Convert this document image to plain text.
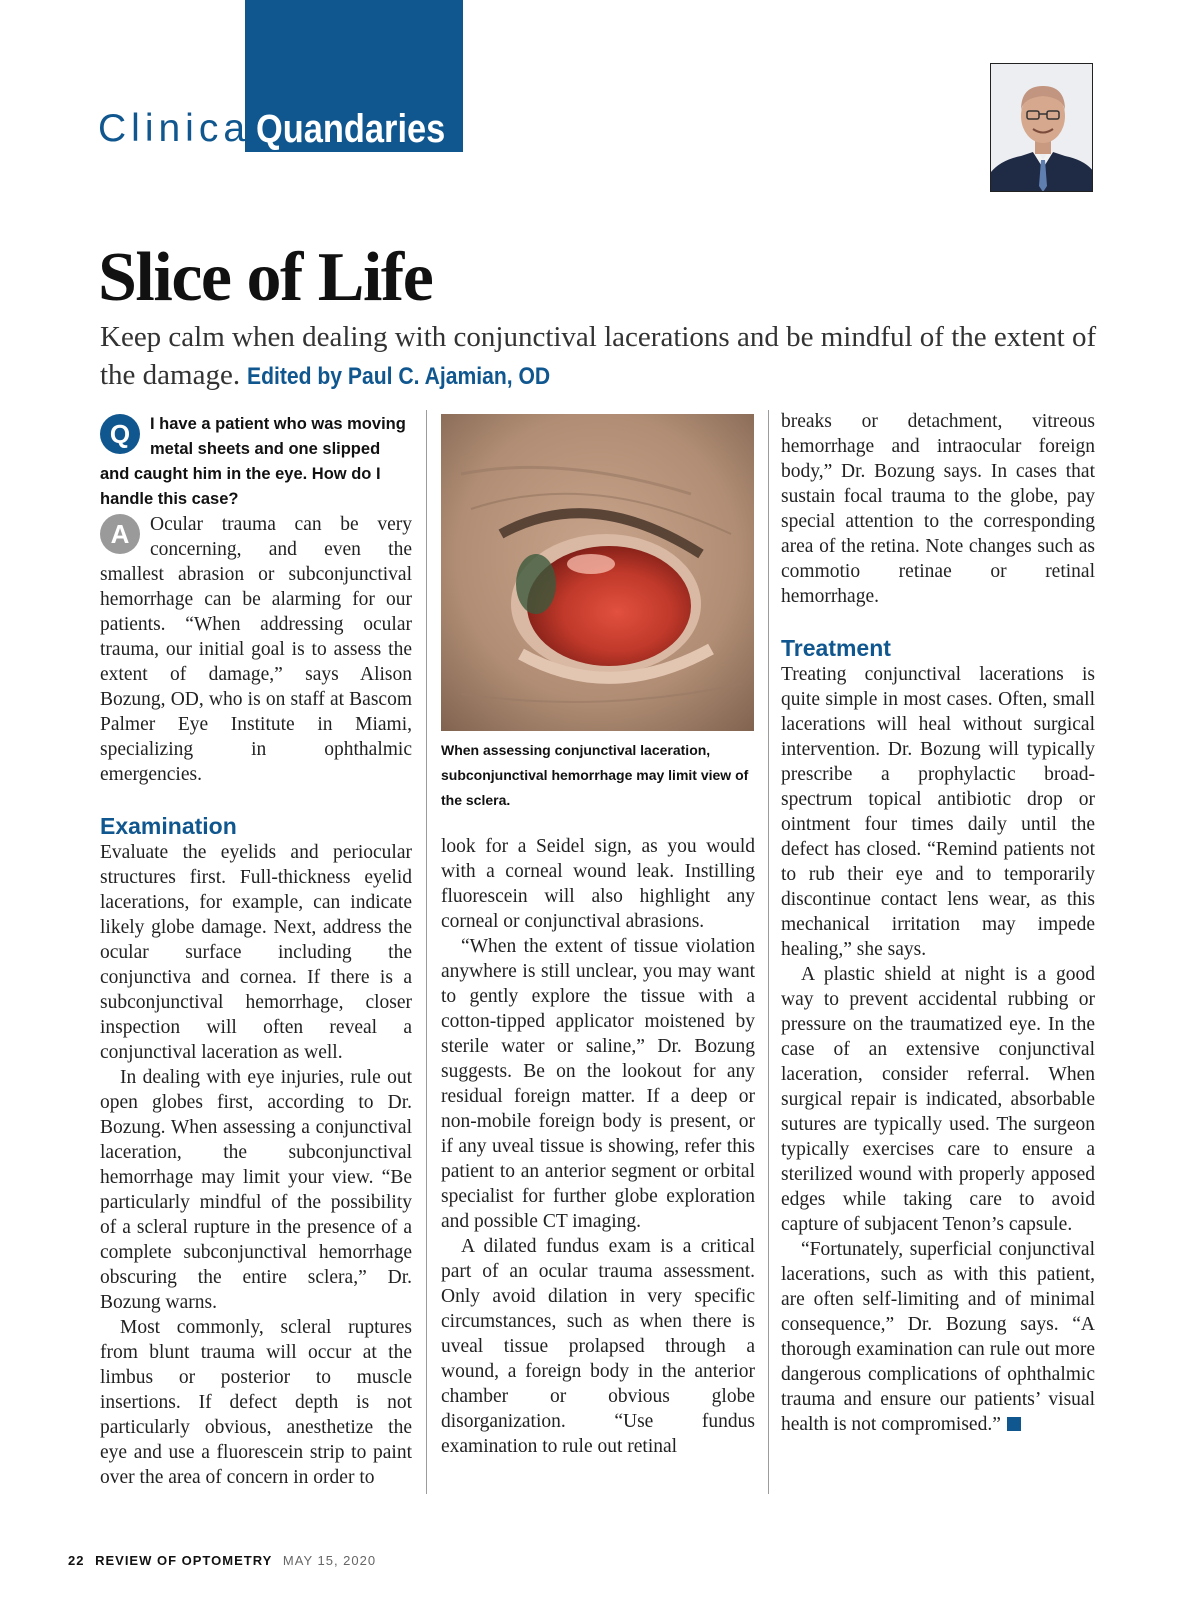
Clinical
Quandaries
Slice of Life
Keep calm when dealing with conjunctival lacerations and be mindful of the extent of the damage. Edited by Paul C. Ajamian, OD
Q	I have a patient who was moving metal sheets and one slipped and caught him in the eye. How do I handle this case?

A	Ocular trauma can be very concerning, and even the smallest abrasion or subconjunctival hemorrhage can be alarming for our patients. “When addressing ocular trauma, our initial goal is to assess the extent of damage,” says Alison Bozung, OD, who is on staff at Bascom Palmer Eye Institute in Miami, specializing in ophthalmic emergencies.

Examination

Evaluate the eyelids and periocular structures first. Full-thickness eyelid lacerations, for example, can indicate likely globe damage. Next, address the ocular surface including the conjunctiva and cornea. If there is a subconjunctival hemorrhage, closer inspection will often reveal a conjunctival laceration as well.

In dealing with eye injuries, rule out open globes first, according to Dr. Bozung. When assessing a conjunctival laceration, the subconjunctival hemorrhage may limit your view. “Be particularly mindful of the possibility of a scleral rupture in the presence of a complete subconjunctival hemorrhage obscuring the entire sclera,” Dr. Bozung warns.

Most commonly, scleral ruptures from blunt trauma will occur at the limbus or posterior to muscle insertions. If defect depth is not particularly obvious, anesthetize the eye and use a fluorescein strip to paint over the area of concern in order to

When assessing conjunctival laceration, subconjunctival hemorrhage may limit view of the sclera.

look for a Seidel sign, as you would with a corneal wound leak. Instilling fluorescein will also highlight any corneal or conjunctival abrasions.

“When the extent of tissue violation anywhere is still unclear, you may want to gently explore the tissue with a cotton-tipped applicator moistened by sterile water or saline,” Dr. Bozung suggests. Be on the lookout for any residual foreign matter. If a deep or non-mobile foreign body is present, or if any uveal tissue is showing, refer this patient to an anterior segment or orbital specialist for further globe exploration and possible CT imaging.

A dilated fundus exam is a critical part of an ocular trauma assessment. Only avoid dilation in very specific circumstances, such as when there is uveal tissue prolapsed through a wound, a foreign body in the anterior chamber or obvious globe disorganization. “Use fundus examination to rule out retinal

breaks or detachment, vitreous hemorrhage and intraocular foreign body,” Dr. Bozung says. In cases that sustain focal trauma to the globe, pay special attention to the corresponding area of the retina. Note changes such as commotio retinae or retinal hemorrhage.

Treatment

Treating conjunctival lacerations is quite simple in most cases. Often, small lacerations will heal without surgical intervention. Dr. Bozung will typically prescribe a prophylactic broad-spectrum topical antibiotic drop or ointment four times daily until the defect has closed. “Remind patients not to rub their eye and to temporarily discontinue contact lens wear, as this mechanical irritation may impede healing,” she says.

A plastic shield at night is a good way to prevent accidental rubbing or pressure on the traumatized eye. In the case of an extensive conjunctival laceration, consider referral. When surgical repair is indicated, absorbable sutures are typically used. The surgeon typically exercises care to ensure a sterilized wound with properly apposed edges while taking care to avoid capture of subjacent Tenon’s capsule.

“Fortunately, superficial conjunctival lacerations, such as with this patient, are often self-limiting and of minimal consequence,” Dr. Bozung says. “A thorough examination can rule out more dangerous complications of ophthalmic trauma and ensure our patients’ visual health is not compromised.”

22 REVIEW OF OPTOMETRY MAY 15, 2020
